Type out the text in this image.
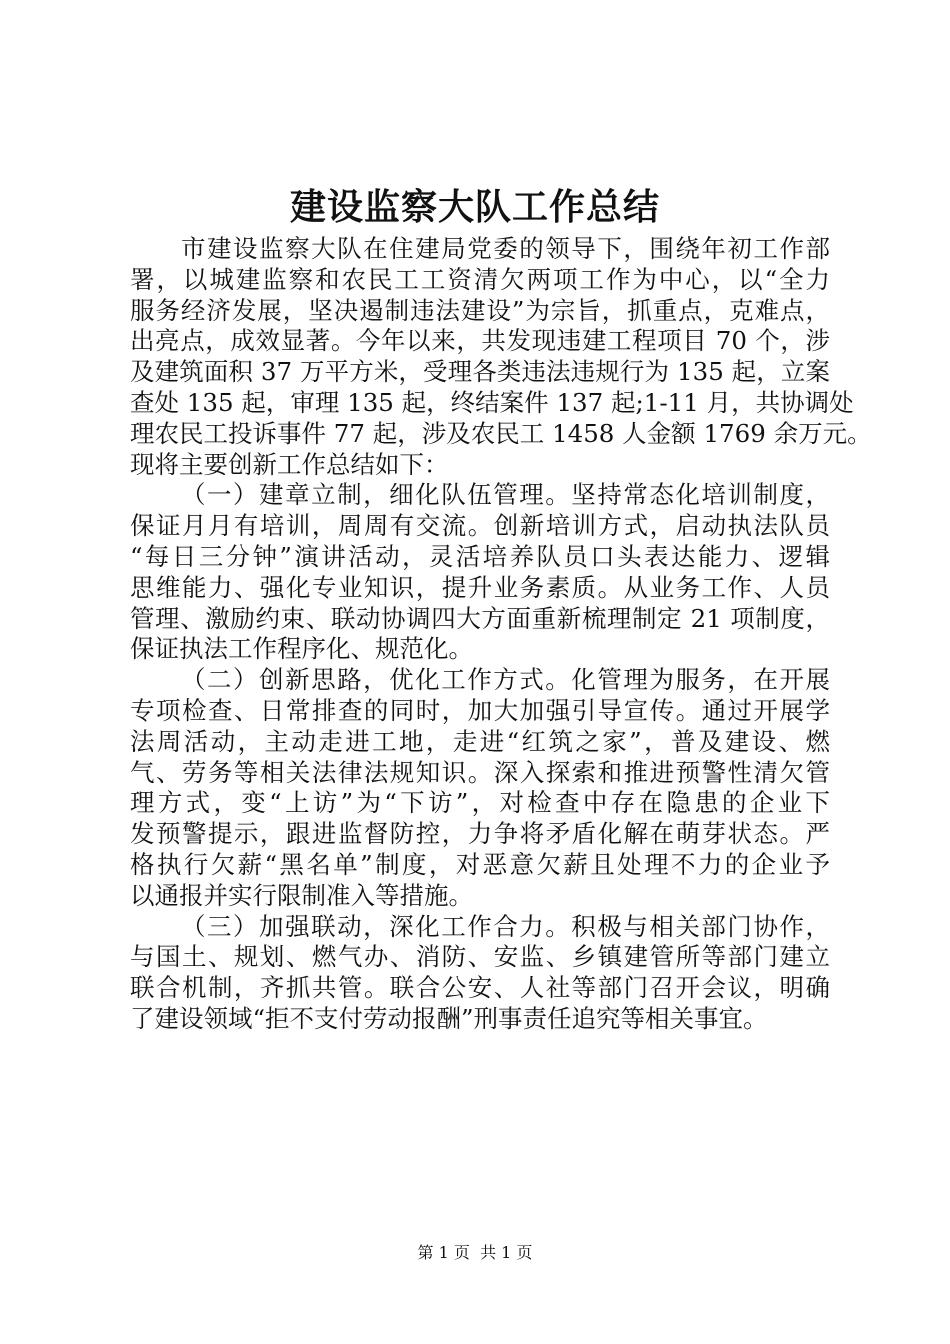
建设监察大队工作总结
市建设监察大队在住建局党委的领导下，围绕年初工作部
署，以城建监察和农民工工资清欠两项工作为中心，以“全力
服务经济发展，坚决遏制违法建设”为宗旨，抓重点，克难点，
出亮点，成效显著。今年以来，共发现违建工程项目 70 个，涉
及建筑面积 37 万平方米，受理各类违法违规行为 135 起，立案
查处 135 起，审理 135 起，终结案件 137 起;1-11 月，共协调处
理农民工投诉事件 77 起，涉及农民工 1458 人金额 1769 余万元。
现将主要创新工作总结如下：
（一）建章立制，细化队伍管理。坚持常态化培训制度，
保证月月有培训，周周有交流。创新培训方式，启动执法队员
“每日三分钟”演讲活动，灵活培养队员口头表达能力、逻辑
思维能力、强化专业知识，提升业务素质。从业务工作、人员
管理、激励约束、联动协调四大方面重新梳理制定 21 项制度，
保证执法工作程序化、规范化。
（二）创新思路，优化工作方式。化管理为服务，在开展
专项检查、日常排查的同时，加大加强引导宣传。通过开展学
法周活动，主动走进工地，走进“红筑之家”，普及建设、燃
气、劳务等相关法律法规知识。深入探索和推进预警性清欠管
理方式，变“上访”为“下访”，对检查中存在隐患的企业下
发预警提示，跟进监督防控，力争将矛盾化解在萌芽状态。严
格执行欠薪“黑名单”制度，对恶意欠薪且处理不力的企业予
以通报并实行限制准入等措施。
（三）加强联动，深化工作合力。积极与相关部门协作，
与国土、规划、燃气办、消防、安监、乡镇建管所等部门建立
联合机制，齐抓共管。联合公安、人社等部门召开会议，明确
了建设领域“拒不支付劳动报酬”刑事责任追究等相关事宜。
第 1 页 共 1 页
